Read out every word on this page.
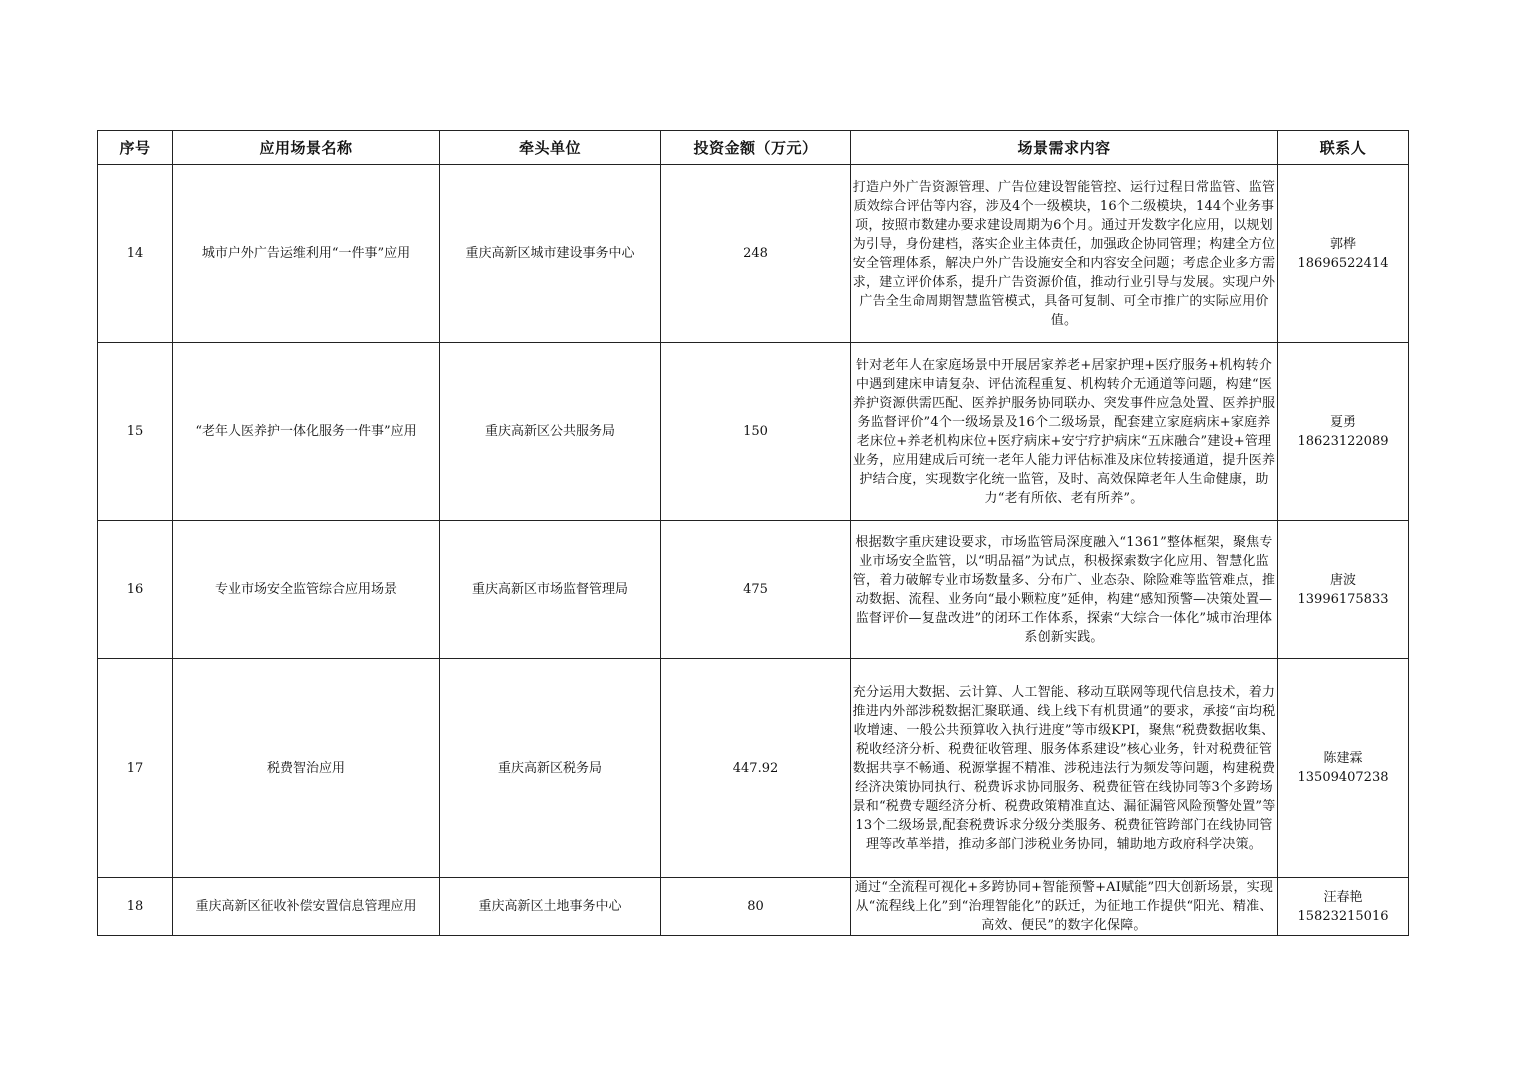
序号	应用场景名称	牵头单位	投资金额（万元）	场景需求内容	联系人
14	城市户外广告运维利用“一件事”应用	重庆高新区城市建设事务中心	248	打造户外广告资源管理、广告位建设智能管控、运行过程日常监管、监管质效综合评估等内容，涉及4个一级模块，16个二级模块，144个业务事项，按照市数建办要求建设周期为6个月。通过开发数字化应用，以规划为引导，身份建档，落实企业主体责任，加强政企协同管理；构建全方位安全管理体系，解决户外广告设施安全和内容安全问题；考虑企业多方需求，建立评价体系，提升广告资源价值，推动行业引导与发展。实现户外广告全生命周期智慧监管模式，具备可复制、可全市推广的实际应用价值。	郭桦
18696522414

15	“老年人医养护一体化服务一件事”应用	重庆高新区公共服务局	150	针对老年人在家庭场景中开展居家养老+居家护理+医疗服务+机构转介中遇到建床申请复杂、评估流程重复、机构转介无通道等问题，构建“医养护资源供需匹配、医养护服务协同联办、突发事件应急处置、医养护服务监督评价”4个一级场景及16个二级场景，配套建立家庭病床+家庭养老床位+养老机构床位+医疗病床+安宁疗护病床“五床融合”建设+管理业务，应用建成后可统一老年人能力评估标准及床位转接通道，提升医养护结合度，实现数字化统一监管，及时、高效保障老年人生命健康，助力“老有所依、老有所养”。	夏勇
18623122089

16	专业市场安全监管综合应用场景	重庆高新区市场监督管理局	475	根据数字重庆建设要求，市场监管局深度融入“1361”整体框架，聚焦专业市场安全监管，以“明品福”为试点，积极探索数字化应用、智慧化监管，着力破解专业市场数量多、分布广、业态杂、除险难等监管难点，推动数据、流程、业务向“最小颗粒度”延伸，构建“感知预警—决策处置—监督评价—复盘改进”的闭环工作体系，探索“大综合一体化”城市治理体系创新实践。	唐波
13996175833

17	税费智治应用	重庆高新区税务局	447.92	充分运用大数据、云计算、人工智能、移动互联网等现代信息技术，着力推进内外部涉税数据汇聚联通、线上线下有机贯通”的要求，承接“亩均税收增速、一般公共预算收入执行进度”等市级KPI，聚焦“税费数据收集、税收经济分析、税费征收管理、服务体系建设”核心业务，针对税费征管数据共享不畅通、税源掌握不精准、涉税违法行为频发等问题，构建税费经济决策协同执行、税费诉求协同服务、税费征管在线协同等3个多跨场景和“税费专题经济分析、税费政策精准直达、漏征漏管风险预警处置”等13个二级场景,配套税费诉求分级分类服务、税费征管跨部门在线协同管理等改革举措，推动多部门涉税业务协同，辅助地方政府科学决策。	陈建霖
13509407238

18	重庆高新区征收补偿安置信息管理应用	重庆高新区土地事务中心	80	通过“全流程可视化+多跨协同+智能预警+AI赋能”四大创新场景，实现从“流程线上化”到“治理智能化”的跃迁，为征地工作提供“阳光、精准、高效、便民”的数字化保障。	汪春艳
15823215016
